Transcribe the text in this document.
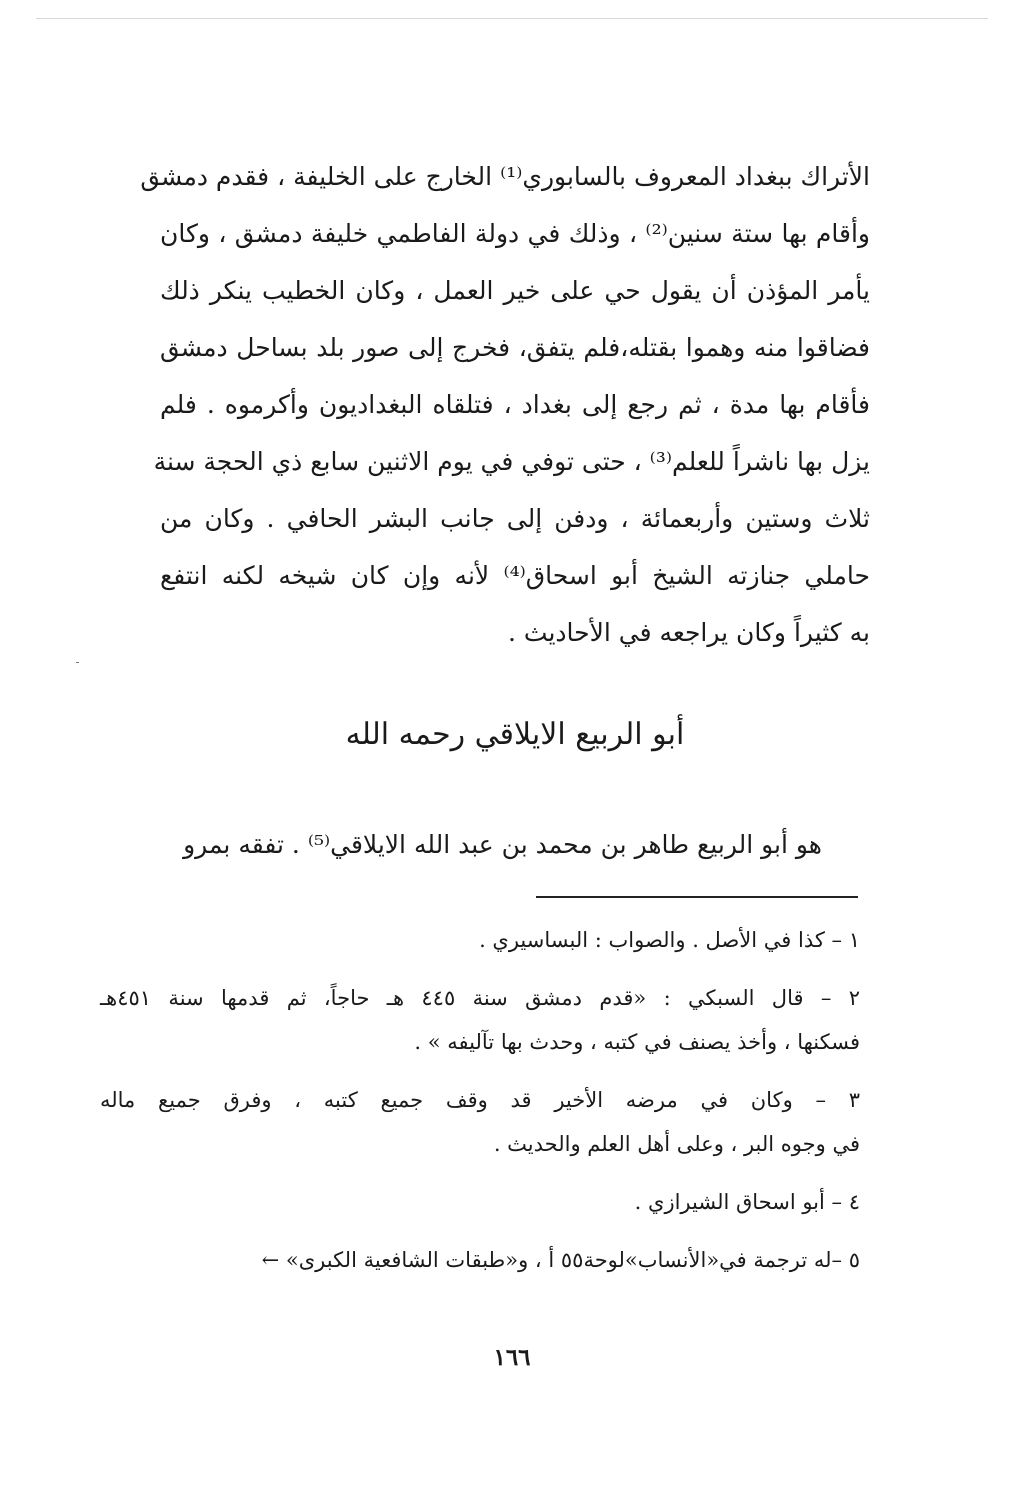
الأتراك ببغداد المعروف بالسابوري⁽¹⁾ الخارج على الخليفة ، فقدم دمشق
وأقام بها ستة سنين⁽²⁾ ، وذلك في دولة الفاطمي خليفة دمشق ، وكان
يأمر المؤذن أن يقول حي على خير العمل ، وكان الخطيب ينكر ذلك
فضاقوا منه وهموا بقتله،فلم يتفق، فخرج إلى صور بلد بساحل دمشق
فأقام بها مدة ، ثم رجع إلى بغداد ، فتلقاه البغداديون وأكرموه . فلم
يزل بها ناشراً للعلم⁽³⁾ ، حتى توفي في يوم الاثنين سابع ذي الحجة سنة
ثلاث وستين وأربعمائة ، ودفن إلى جانب البشر الحافي . وكان من
حاملي جنازته الشيخ أبو اسحاق⁽⁴⁾ لأنه وإن كان شيخه لكنه انتفع
به كثيراً وكان يراجعه في الأحاديث .
أبو الربيع الايلاقي رحمه الله
هو أبو الربيع طاهر بن محمد بن عبد الله الايلاقي⁽⁵⁾ . تفقه بمرو
١ – كذا في الأصل . والصواب : البساسيري .
٢ – قال السبكي : «قدم دمشق سنة ٤٤٥ هـ حاجاً، ثم قدمها سنة ٤٥١هـ
فسكنها ، وأخذ يصنف في كتبه ، وحدث بها تآليفه » .
٣ – وكان في مرضه الأخير قد وقف جميع كتبه ، وفرق جميع ماله
في وجوه البر ، وعلى أهل العلم والحديث .
٤ – أبو اسحاق الشيرازي .
٥ –له ترجمة في«الأنساب»لوحة٥٥ أ ، و«طبقات الشافعية الكبرى» ←
١٦٦
